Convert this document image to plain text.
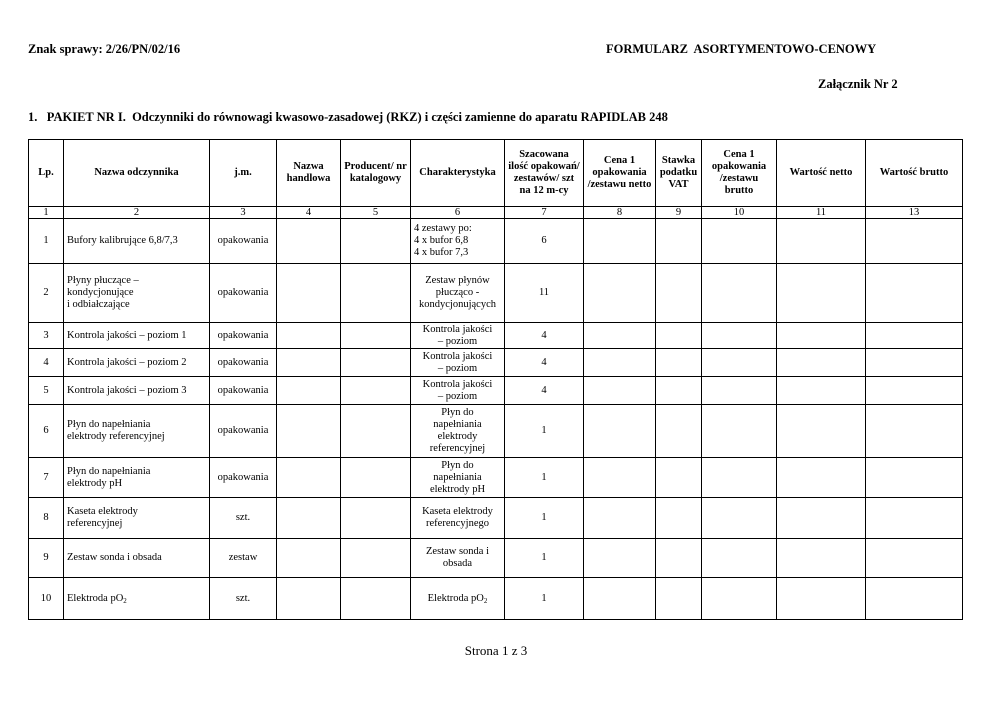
Znak sprawy: 2/26/PN/02/16	FORMULARZ  ASORTYMENTOWO-CENOWY
Załącznik Nr 2
1.   PAKIET NR I.  Odczynniki do równowagi kwasowo-zasadowej (RKZ) i części zamienne do aparatu RAPIDLAB 248
Lp.	Nazwa odczynnika	j.m.	Nazwa handlowa	Producent/ nr katalogowy	Charakterystyka	Szacowana ilość opakowań/ zestawów/ szt na 12 m-cy	Cena 1 opakowania /zestawu netto	Stawka podatku VAT	Cena 1 opakowania /zestawu brutto	Wartość netto	Wartość brutto
1	2	3	4	5	6	7	8	9	10	11	13
1	Bufory kalibrujące 6,8/7,3	opakowania			4 zestawy po:
4 x bufor 6,8
4 x bufor 7,3	6					
2	Płyny płuczące –
kondycjonujące
i odbiałczające	opakowania			Zestaw płynów
płucząco -
kondycjonujących	11					
3	Kontrola jakości – poziom 1	opakowania			Kontrola jakości
– poziom	4					
4	Kontrola jakości – poziom 2	opakowania			Kontrola jakości
– poziom	4					
5	Kontrola jakości – poziom 3	opakowania			Kontrola jakości
– poziom	4					
6	Płyn do napełniania
elektrody referencyjnej	opakowania			Płyn do
napełniania
elektrody
referencyjnej	1					
7	Płyn do napełniania
elektrody pH	opakowania			Płyn do
napełniania
elektrody pH	1					
8	Kaseta elektrody
referencyjnej	szt.			Kaseta elektrody
referencyjnego	1					
9	Zestaw sonda i obsada	zestaw			Zestaw sonda i
obsada	1					
10	Elektroda $pO_2$	szt.			Elektroda $pO_2$	1					
Strona 1 z 3
